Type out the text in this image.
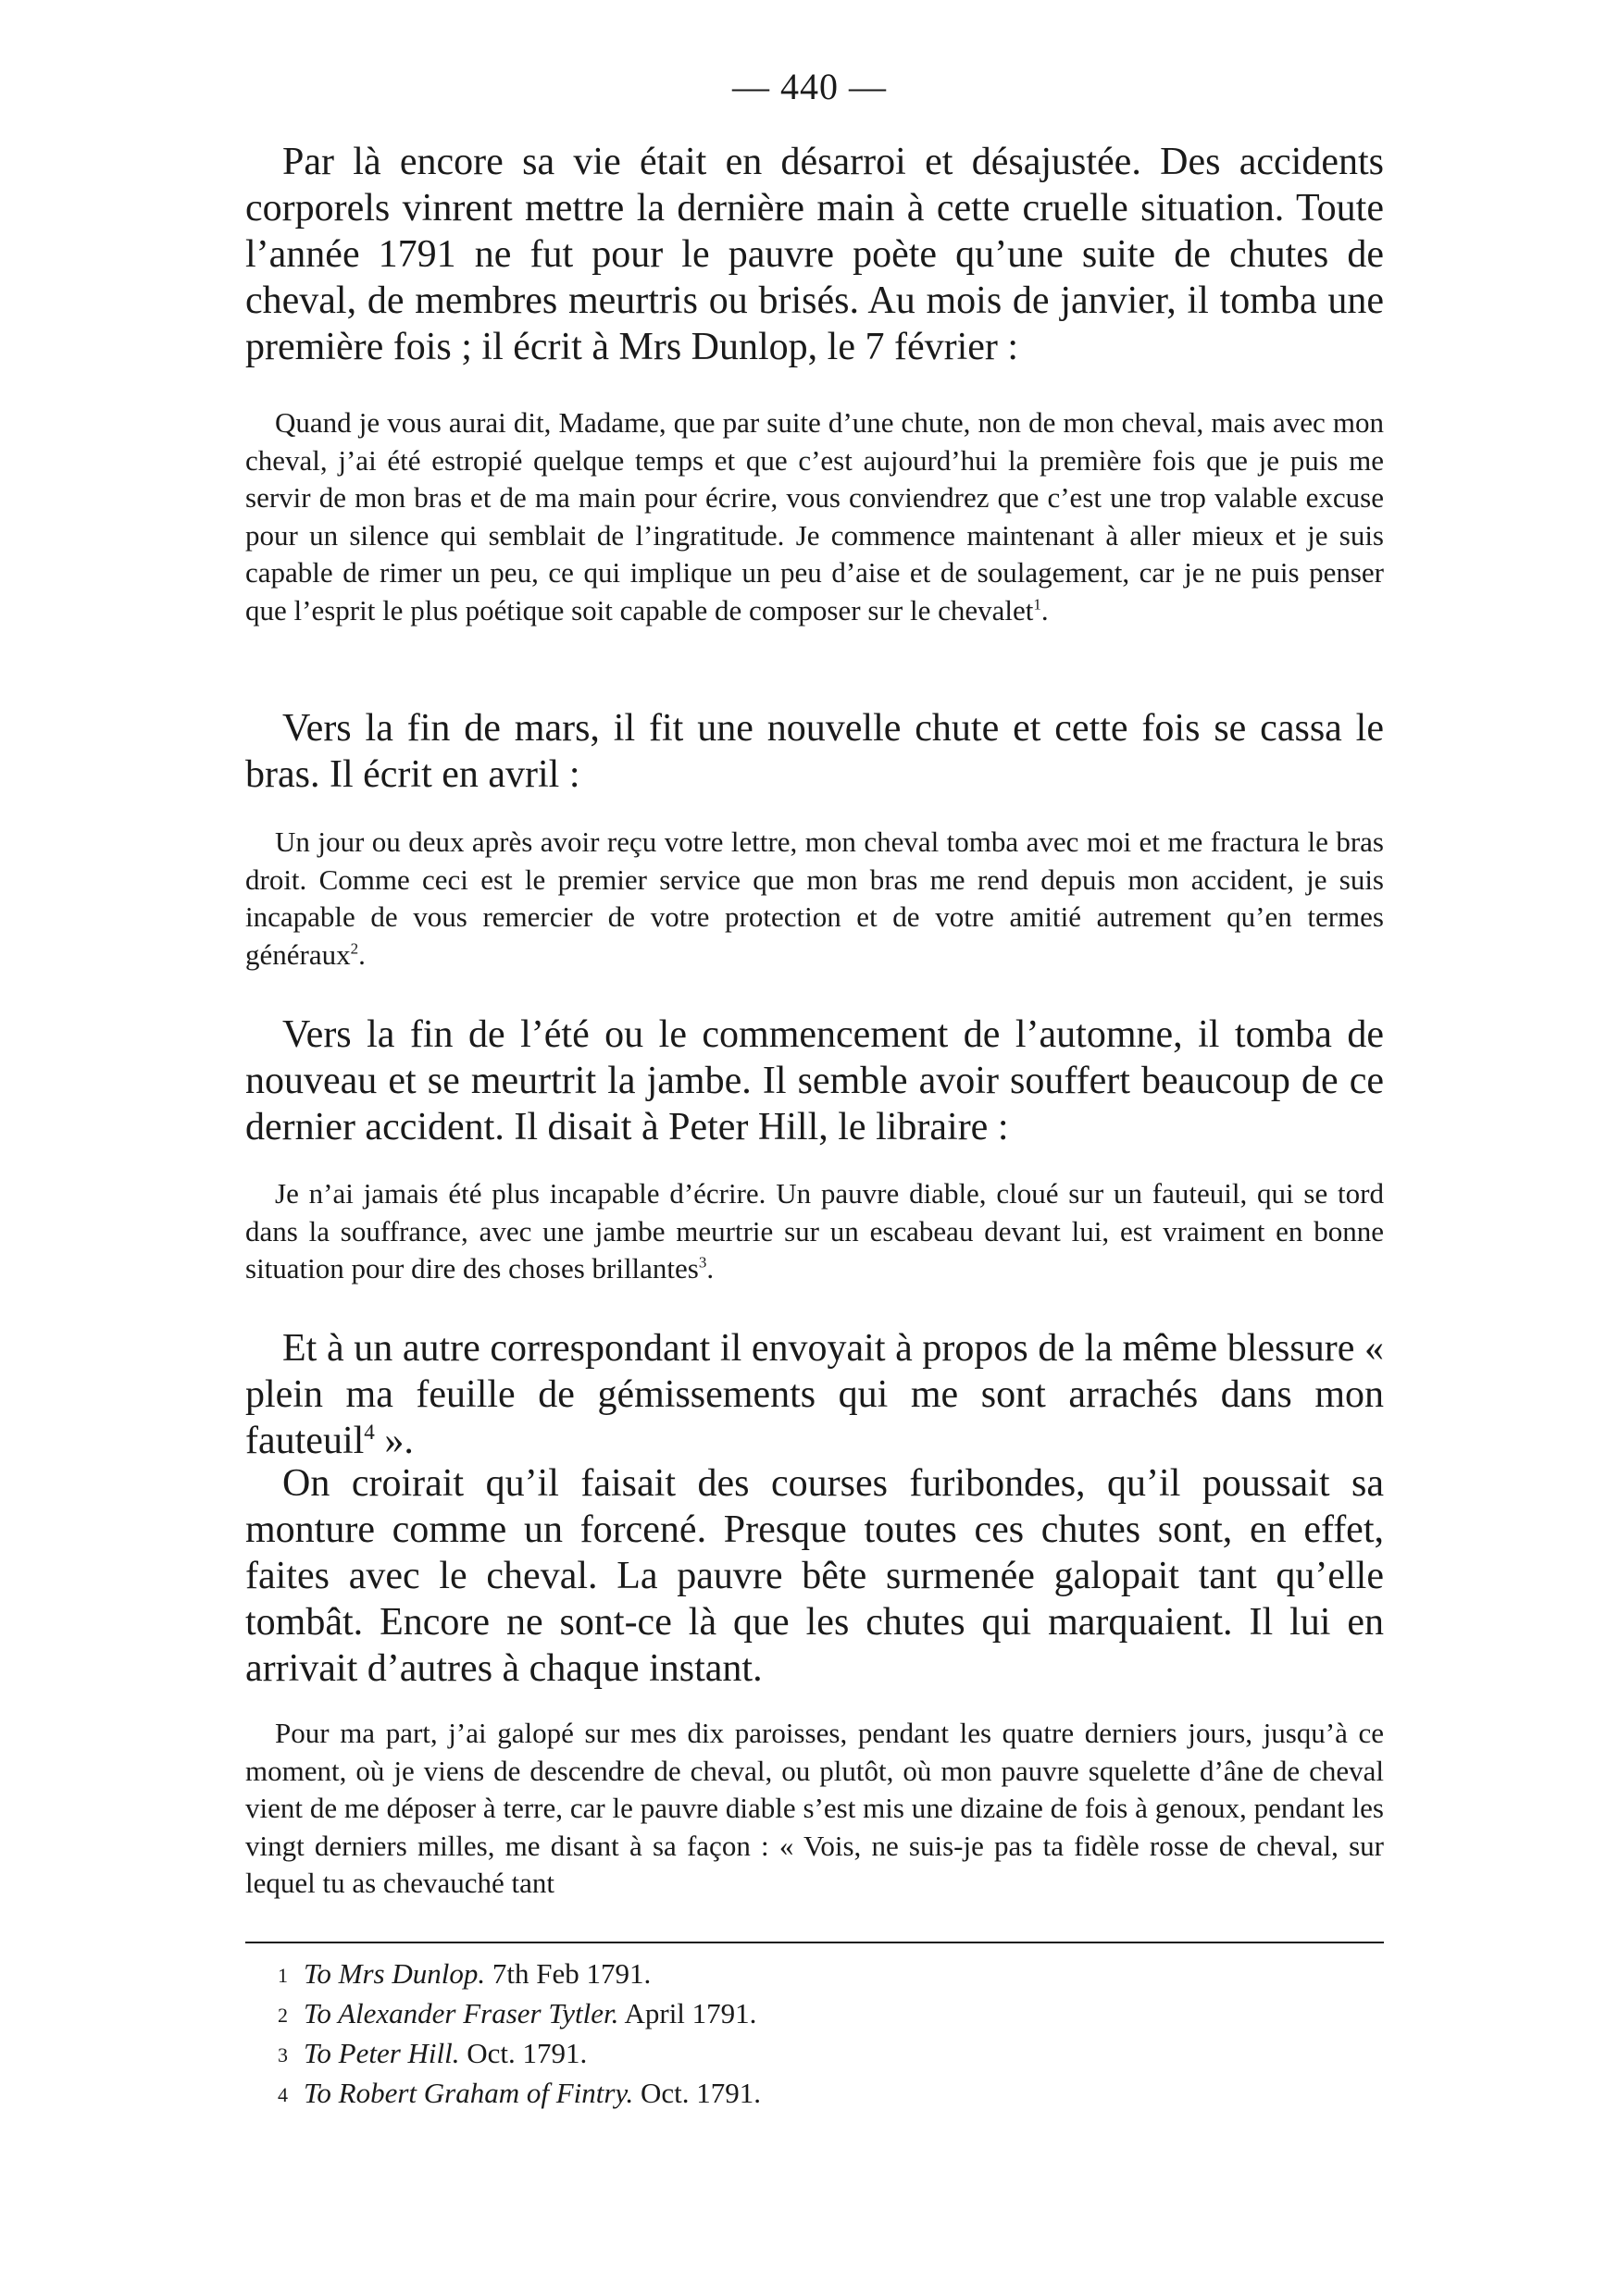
— 440 —

Par là encore sa vie était en désarroi et désajustée. Des accidents corporels vinrent mettre la dernière main à cette cruelle situation. Toute l’année 1791 ne fut pour le pauvre poète qu’une suite de chutes de cheval, de membres meurtris ou brisés. Au mois de janvier, il tomba une première fois ; il écrit à Mrs Dunlop, le 7 février :

Quand je vous aurai dit, Madame, que par suite d’une chute, non de mon cheval, mais avec mon cheval, j’ai été estropié quelque temps et que c’est aujourd’hui la première fois que je puis me servir de mon bras et de ma main pour écrire, vous conviendrez que c’est une trop valable excuse pour un silence qui semblait de l’ingratitude. Je commence maintenant à aller mieux et je suis capable de rimer un peu, ce qui implique un peu d’aise et de soulagement, car je ne puis penser que l’esprit le plus poétique soit capable de composer sur le chevalet$^1$.

Vers la fin de mars, il fit une nouvelle chute et cette fois se cassa le bras. Il écrit en avril :

Un jour ou deux après avoir reçu votre lettre, mon cheval tomba avec moi et me fractura le bras droit. Comme ceci est le premier service que mon bras me rend depuis mon accident, je suis incapable de vous remercier de votre protection et de votre amitié autrement qu’en termes généraux$^2$.

Vers la fin de l’été ou le commencement de l’automne, il tomba de nouveau et se meurtrit la jambe. Il semble avoir souffert beaucoup de ce dernier accident. Il disait à Peter Hill, le libraire :

Je n’ai jamais été plus incapable d’écrire. Un pauvre diable, cloué sur un fauteuil, qui se tord dans la souffrance, avec une jambe meurtrie sur un escabeau devant lui, est vraiment en bonne situation pour dire des choses brillantes$^3$.

Et à un autre correspondant il envoyait à propos de la même blessure « plein ma feuille de gémissements qui me sont arrachés dans mon fauteuil$^4$ ».

On croirait qu’il faisait des courses furibondes, qu’il poussait sa monture comme un forcené. Presque toutes ces chutes sont, en effet, faites avec le cheval. La pauvre bête surmenée galopait tant qu’elle tombât. Encore ne sont-ce là que les chutes qui marquaient. Il lui en arrivait d’autres à chaque instant.

Pour ma part, j’ai galopé sur mes dix paroisses, pendant les quatre derniers jours, jusqu’à ce moment, où je viens de descendre de cheval, ou plutôt, où mon pauvre squelette d’âne de cheval vient de me déposer à terre, car le pauvre diable s’est mis une dizaine de fois à genoux, pendant les vingt derniers milles, me disant à sa façon : « Vois, ne suis-je pas ta fidèle rosse de cheval, sur lequel tu as chevauché tant

1 To Mrs Dunlop. 7th Feb 1791.
2 To Alexander Fraser Tytler. April 1791.
3 To Peter Hill. Oct. 1791.
4 To Robert Graham of Fintry. Oct. 1791.
